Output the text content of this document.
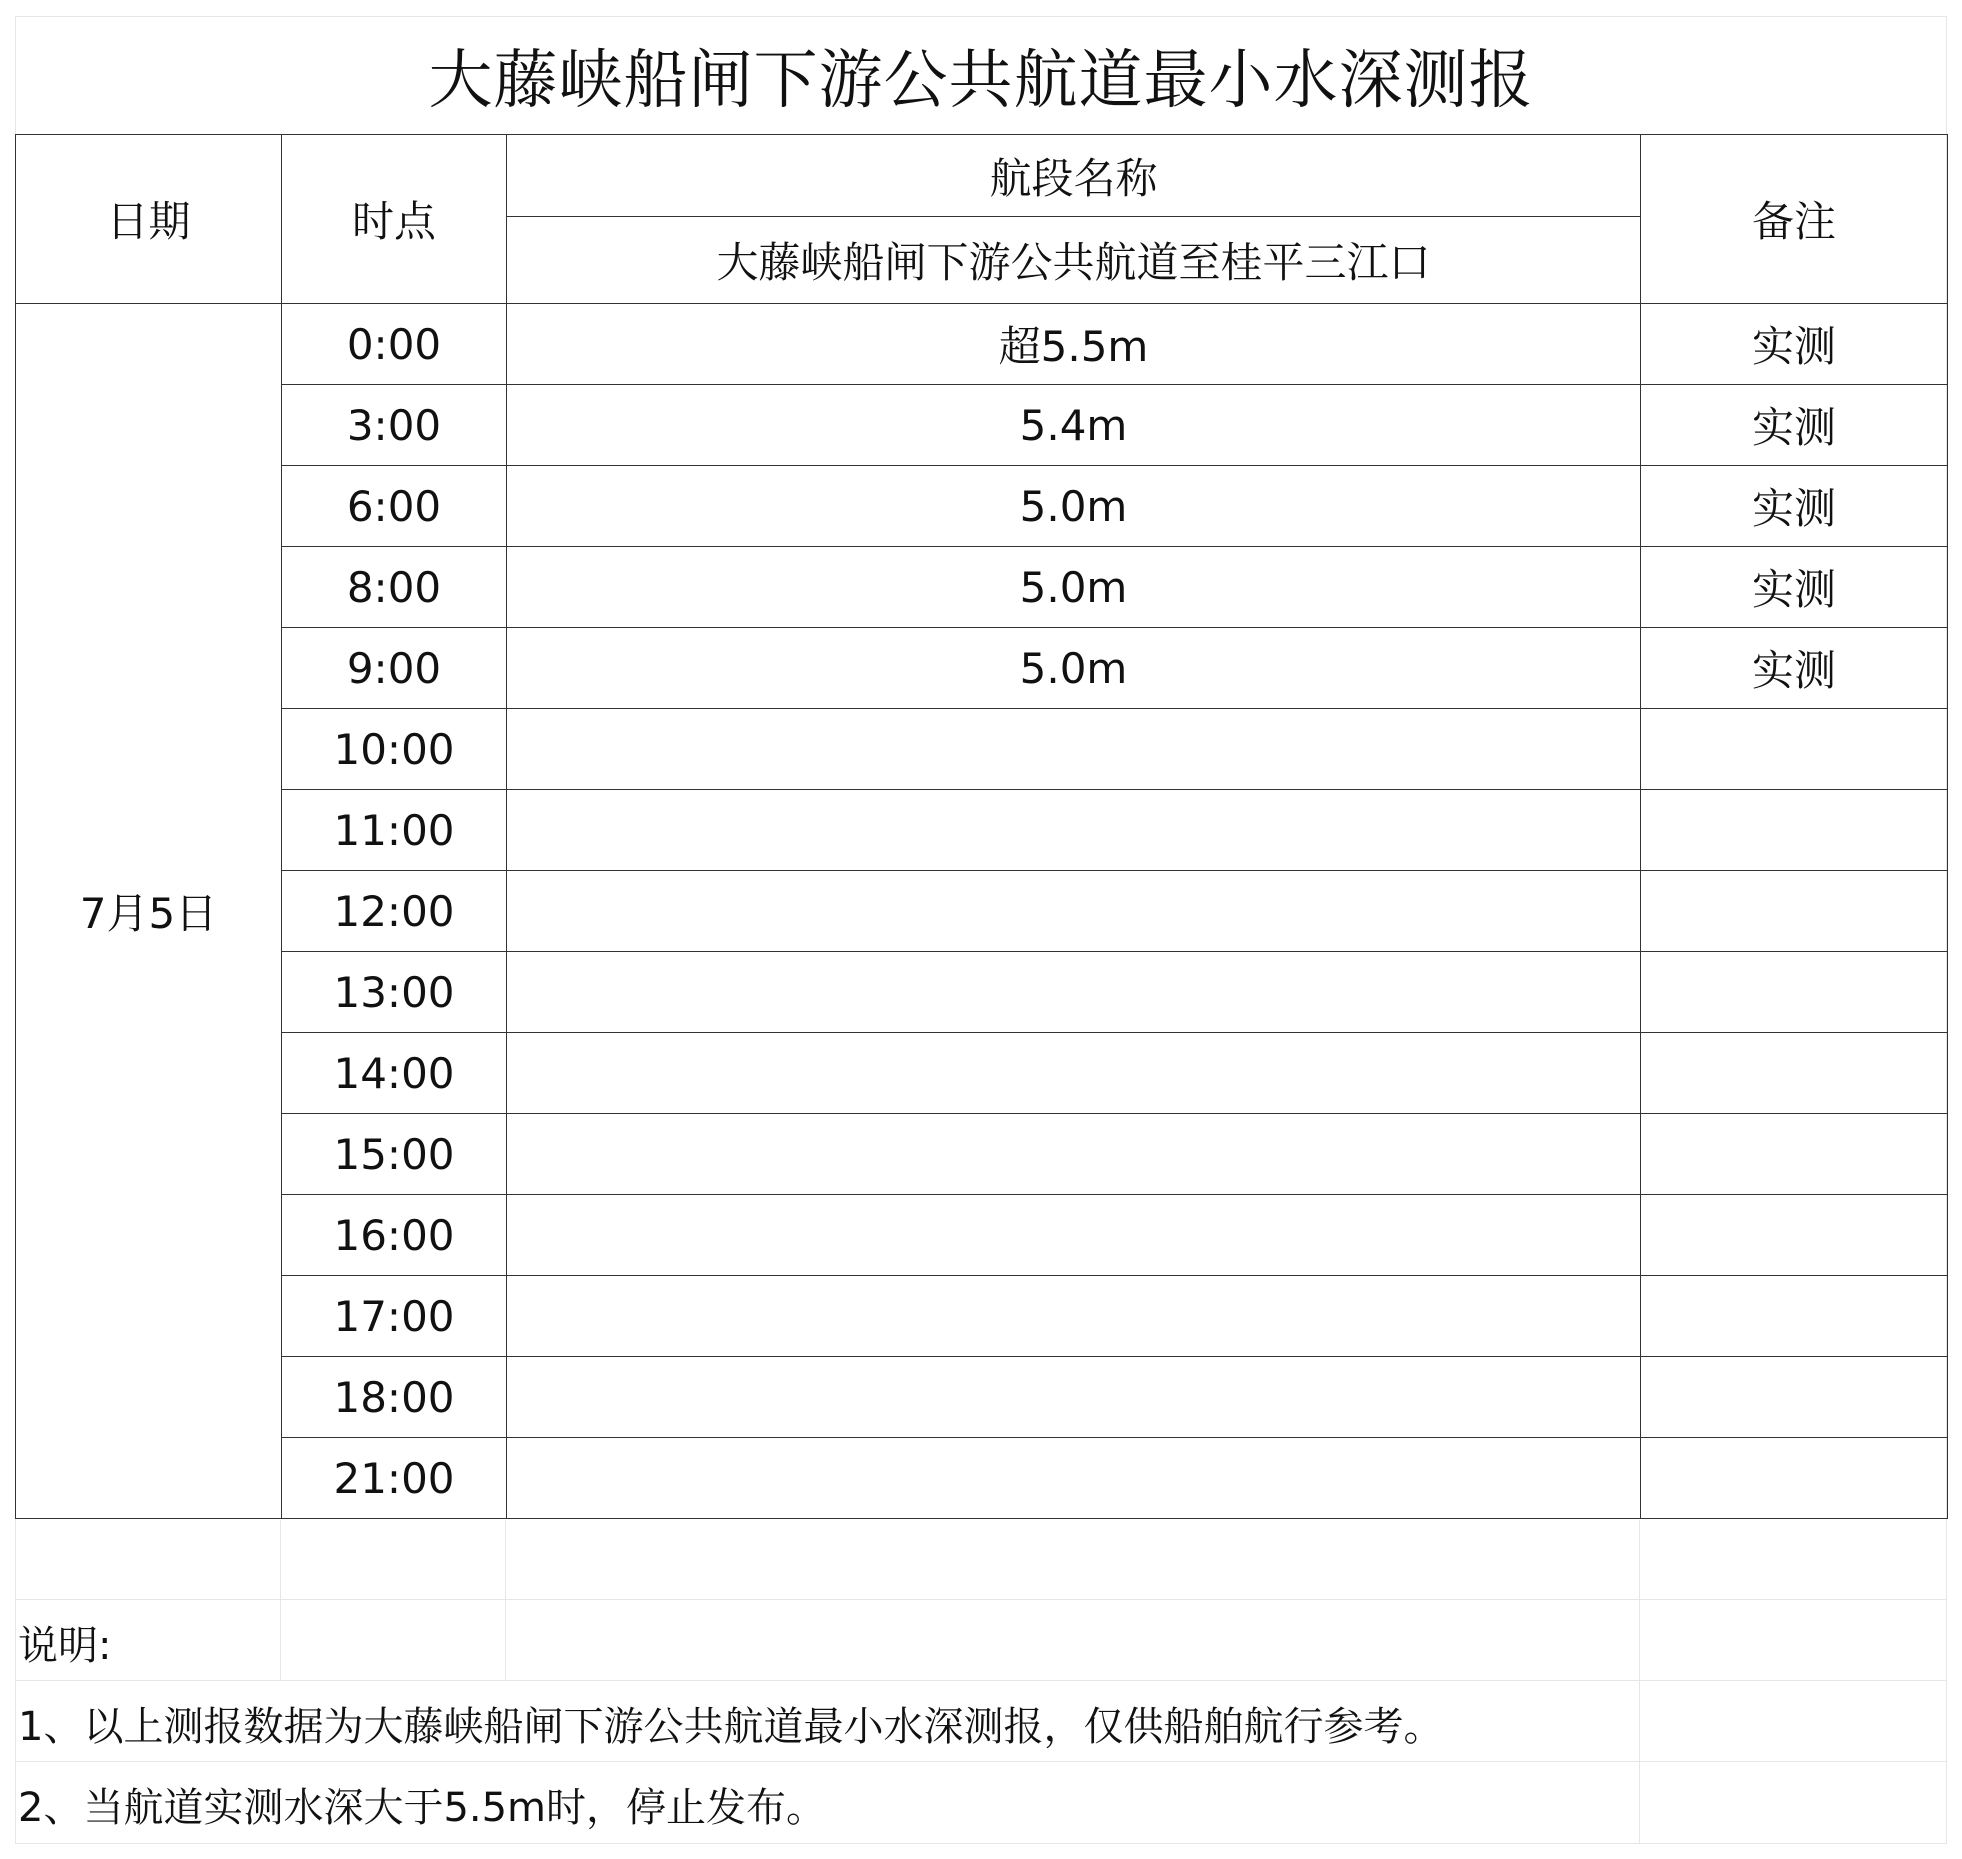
大藤峡船闸下游公共航道最小水深测报
日期	时点	航段名称	备注
		大藤峡船闸下游公共航道至桂平三江口	
7月5日	0:00	超5.5m	实测
	3:00	5.4m	实测
	6:00	5.0m	实测
	8:00	5.0m	实测
	9:00	5.0m	实测
	10:00		
	11:00		
	12:00		
	13:00		
	14:00		
	15:00		
	16:00		
	17:00		
	18:00		
	21:00		
说明:
1、以上测报数据为大藤峡船闸下游公共航道最小水深测报，仅供船舶航行参考。
2、当航道实测水深大于5.5m时，停止发布。
